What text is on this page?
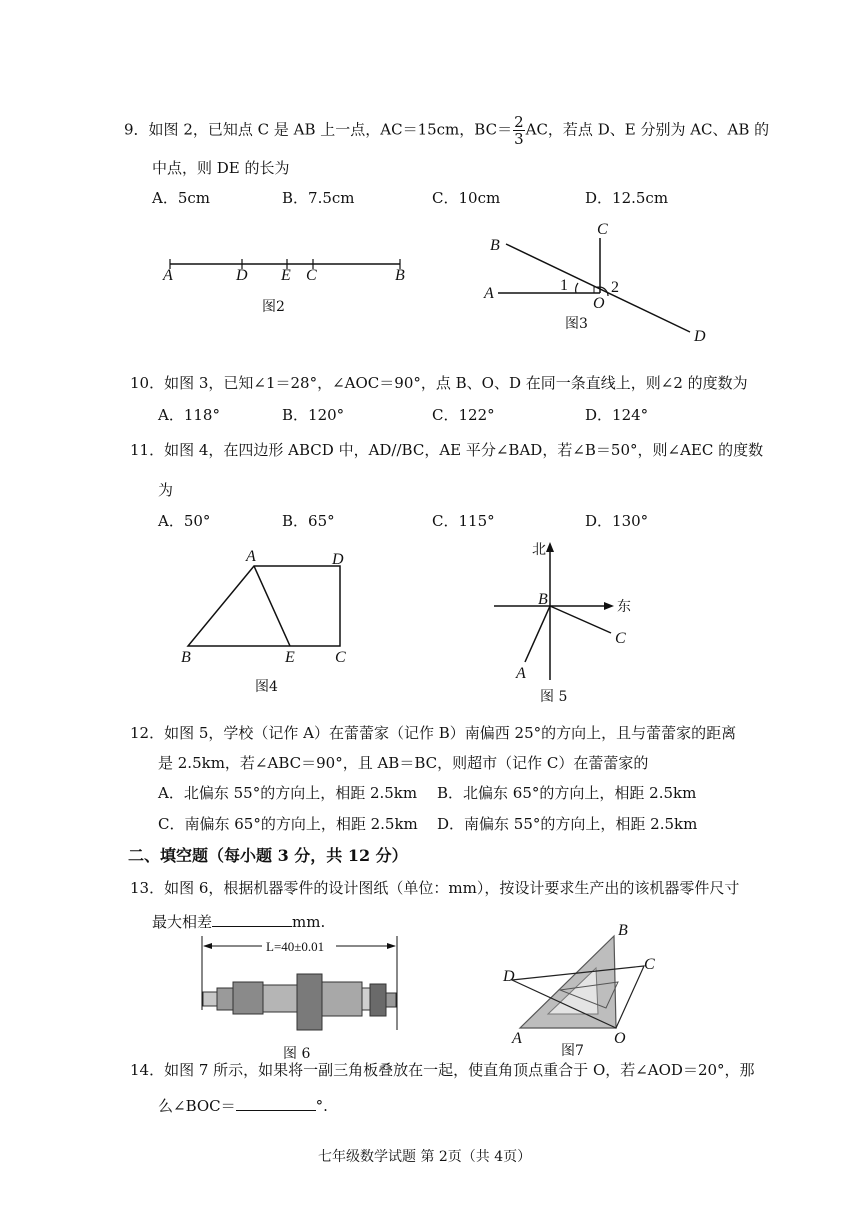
9．如图 2，已知点 C 是 AB 上一点，AC＝15cm，$BC= \frac{2}{3}$ AC，若点 D、E 分别为 AC、AB 的
中点，则 DE 的长为
A．5cm	B．7.5cm	C．10cm	D．12.5cm
A	D E C	B
图2
B
C
A	1
O
2
D
图3
10．如图 3，已知∠1＝28°，∠AOC＝90°，点 B、O、D 在同一条直线上，则∠2 的度数为
A．118°	B．120°	C．122°	D．124°
11．如图 4，在四边形 ABCD 中，AD//BC，AE 平分∠BAD，若∠B＝50°，则∠AEC 的度数
为
A．50°	B．65°	C．115°	D．130°
A	D
B	E	C
图4
北
B	东
C
A
图 5
12．如图 5，学校（记作 A）在蕾蕾家（记作 B）南偏西 25°的方向上，且与蕾蕾家的距离
是 2.5km，若∠ABC＝90°，且 AB＝BC，则超市（记作 C）在蕾蕾家的
A．北偏东 55°的方向上，相距 2.5km B．北偏东 65°的方向上，相距 2.5km
C．南偏东 65°的方向上，相距 2.5km D．南偏东 55°的方向上，相距 2.5km
二、填空题（每小题 3 分，共 12 分）
13．如图 6，根据机器零件的设计图纸（单位：mm），按设计要求生产出的该机器零件尺寸
最大相差	mm.
L=40±0.01
图 6
B
D
C
A	O
图7
14．如图 7 所示，如果将一副三角板叠放在一起，使直角顶点重合于 O，若∠AOD＝20°，那
么∠BOC＝	°.
七年级数学试题 第 2页（共 4页）
